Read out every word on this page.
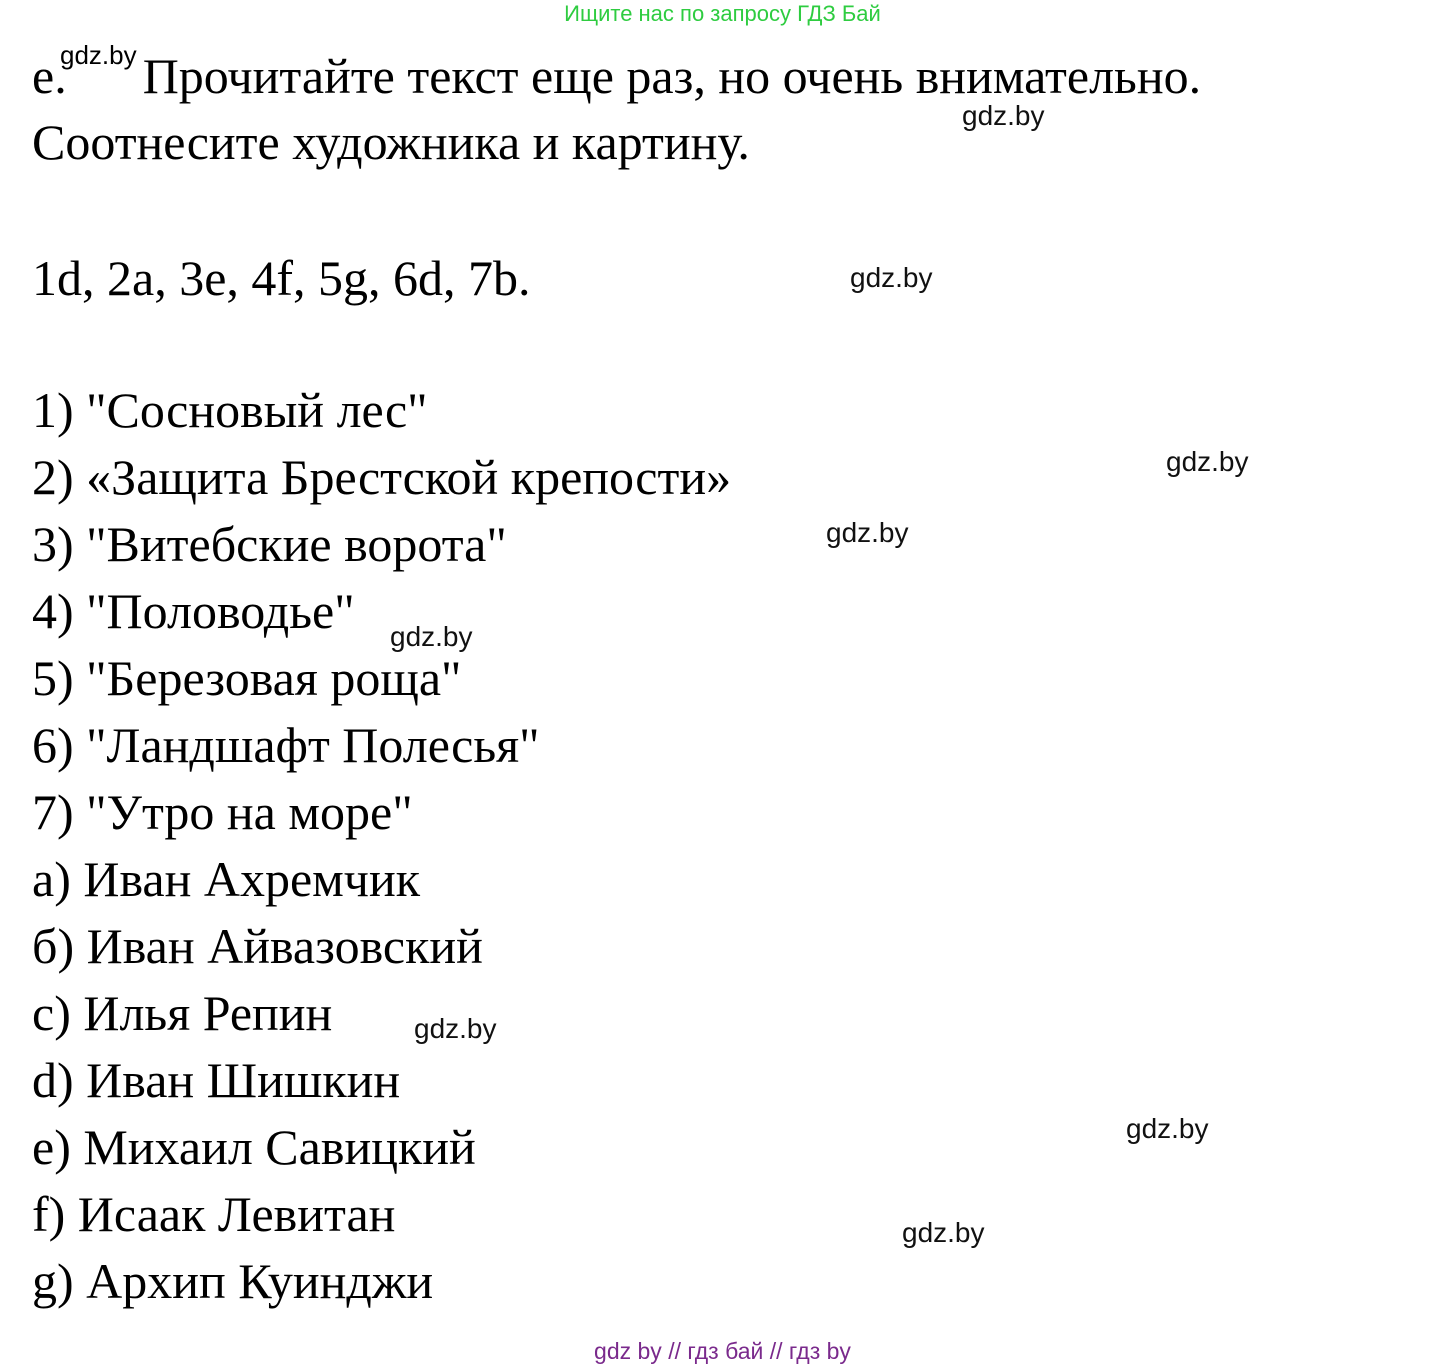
Ищите нас по запросу ГДЗ Бай
e.
gdz.by Прочитайте текст еще раз, но очень внимательно.
Соотнесите художника и картину.
1d, 2a, 3e, 4f, 5g, 6d, 7b.
1) "Сосновый лес"
2) «Защита Брестской крепости»
3) "Витебские ворота"
4) "Половодье"
5) "Березовая роща"
6) "Ландшафт Полесья"
7) "Утро на море"
a) Иван Ахремчик
б) Иван Айвазовский
c) Илья Репин
d) Иван Шишкин
e) Михаил Савицкий
f) Исаак Левитан
g) Архип Куинджи
gdz.by
gdz.by
gdz.by
gdz.by
gdz.by
gdz.by
gdz.by
gdz.by
gdz by // гдз бай // гдз by
